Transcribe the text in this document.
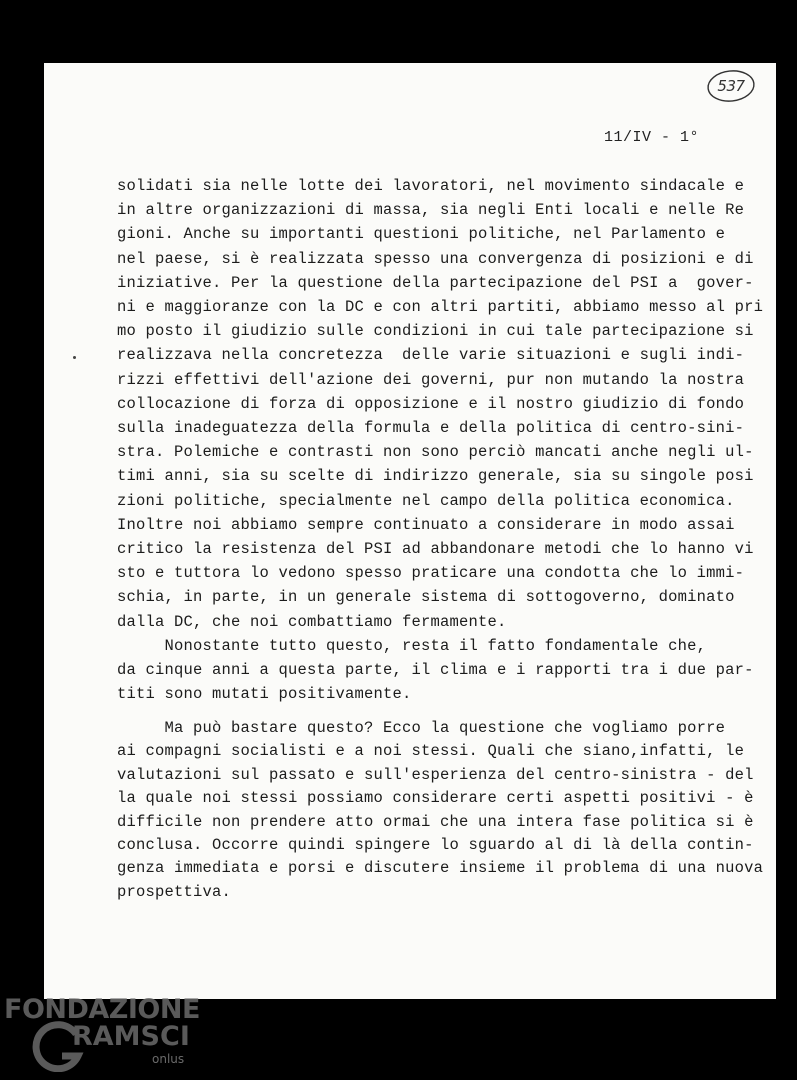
537
11/IV - 1°
solidati sia nelle lotte dei lavoratori, nel movimento sindacale e
in altre organizzazioni di massa, sia negli Enti locali e nelle Re
gioni. Anche su importanti questioni politiche, nel Parlamento e
nel paese, si è realizzata spesso una convergenza di posizioni e di
iniziative. Per la questione della partecipazione del PSI a  gover-
ni e maggioranze con la DC e con altri partiti, abbiamo messo al pri
mo posto il giudizio sulle condizioni in cui tale partecipazione si
realizzava nella concretezza  delle varie situazioni e sugli indi-
rizzi effettivi dell'azione dei governi, pur non mutando la nostra
collocazione di forza di opposizione e il nostro giudizio di fondo
sulla inadeguatezza della formula e della politica di centro-sini-
stra. Polemiche e contrasti non sono perciò mancati anche negli ul-
timi anni, sia su scelte di indirizzo generale, sia su singole posi
zioni politiche, specialmente nel campo della politica economica.
Inoltre noi abbiamo sempre continuato a considerare in modo assai
critico la resistenza del PSI ad abbandonare metodi che lo hanno vi
sto e tuttora lo vedono spesso praticare una condotta che lo immi-
schia, in parte, in un generale sistema di sottogoverno, dominato
dalla DC, che noi combattiamo fermamente.
Nonostante tutto questo, resta il fatto fondamentale che,
da cinque anni a questa parte, il clima e i rapporti tra i due par-
titi sono mutati positivamente.
Ma può bastare questo? Ecco la questione che vogliamo porre
ai compagni socialisti e a noi stessi. Quali che siano,infatti, le
valutazioni sul passato e sull'esperienza del centro-sinistra - del
la quale noi stessi possiamo considerare certi aspetti positivi - è
difficile non prendere atto ormai che una intera fase politica si è
conclusa. Occorre quindi spingere lo sguardo al di là della contin-
genza immediata e porsi e discutere insieme il problema di una nuova
prospettiva.
FONDAZIONE
RAMSCI
onlus
